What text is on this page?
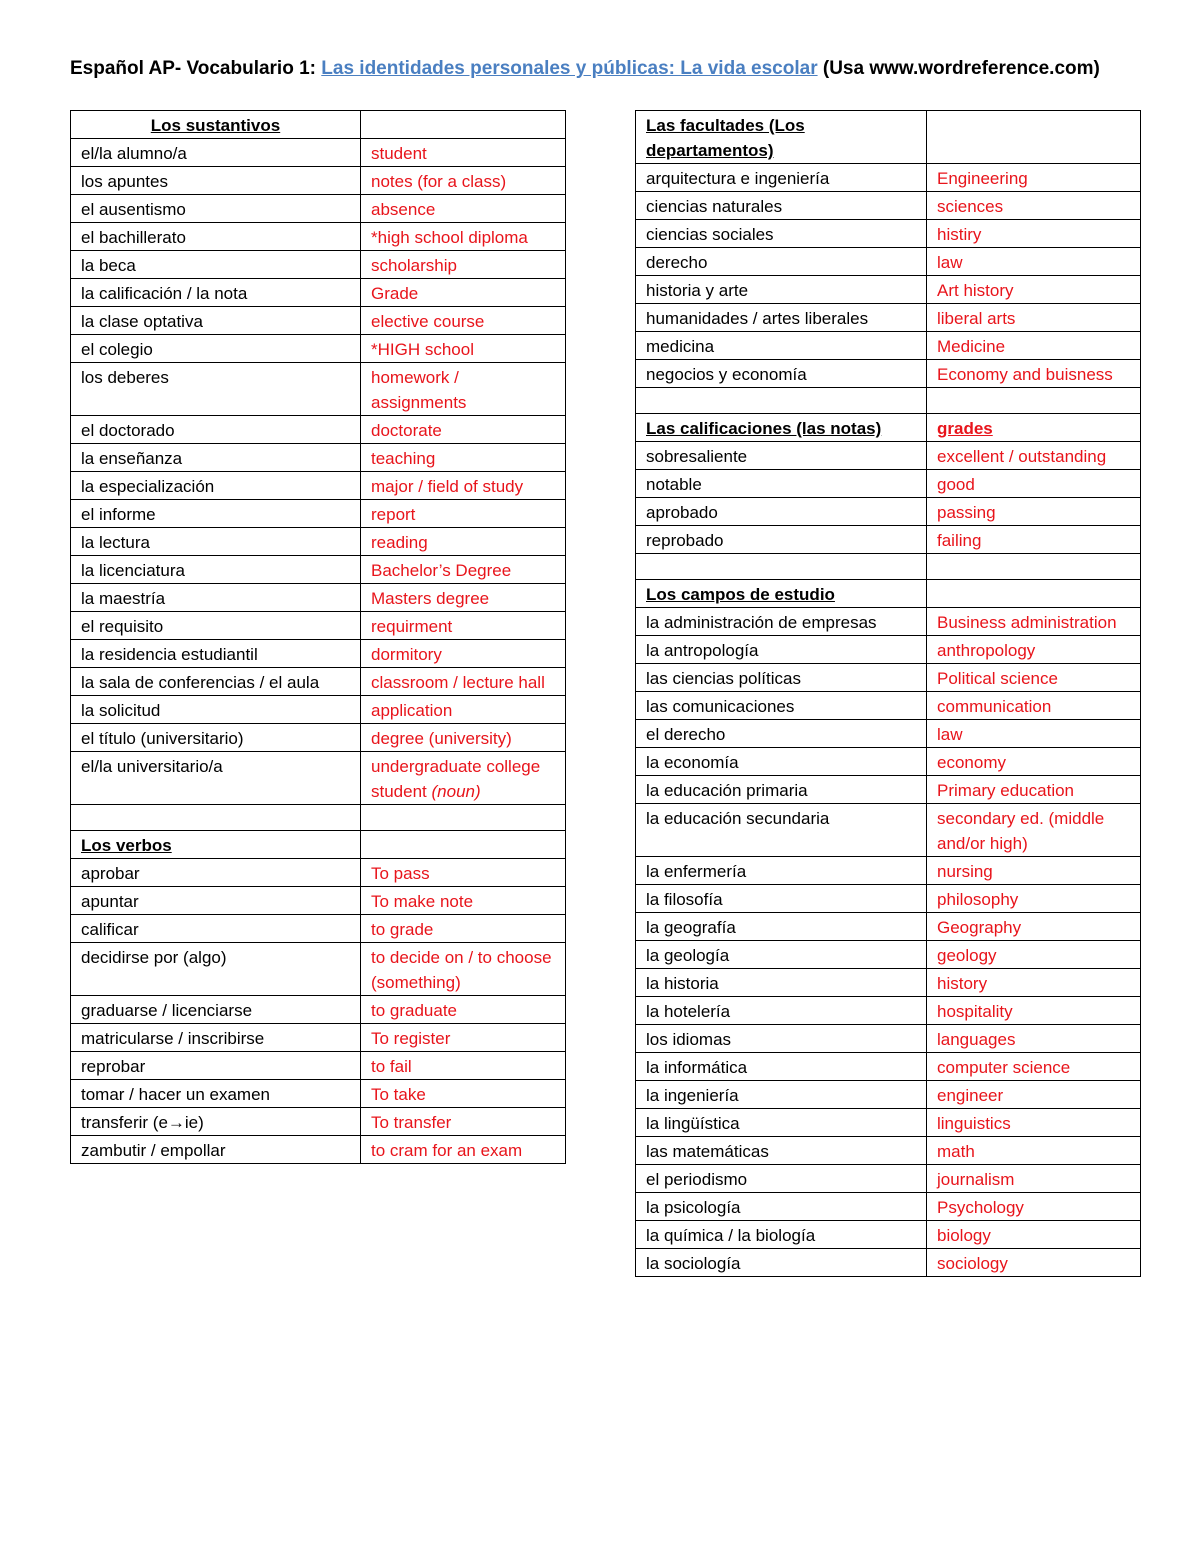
Español AP- Vocabulario 1: Las identidades personales y públicas: La vida escolar (Usa www.wordreference.com)
Los sustantivos	
el/la alumno/a	student
los apuntes	notes (for a class)
el ausentismo	absence
el bachillerato	*high school diploma
la beca	scholarship
la calificación / la nota	Grade
la clase optativa	elective course
el colegio	*HIGH school
los deberes	homework / assignments
el doctorado	doctorate
la enseñanza	teaching
la especialización	major / field of study
el informe	report
la lectura	reading
la licenciatura	Bachelor’s Degree
la maestría	Masters degree
el requisito	requirment
la residencia estudiantil	dormitory
la sala de conferencias / el aula	classroom / lecture hall
la solicitud	application
el título (universitario)	degree (university)
el/la universitario/a	undergraduate college student (noun)

Los verbos	
aprobar	To pass
apuntar	To make note
calificar	to grade
decidirse por (algo)	to decide on / to choose (something)
graduarse / licenciarse	to graduate
matricularse / inscribirse	To register
reprobar	to fail
tomar / hacer un examen	To take
transferir (e→ie)	To transfer
zambutir / empollar	to cram for an exam
Las facultades (Los departamentos)	
arquitectura e ingeniería	Engineering
ciencias naturales	sciences
ciencias sociales	histiry
derecho	law
historia y arte	Art history
humanidades / artes liberales	liberal arts
medicina	Medicine
negocios y economía	Economy and buisness

Las calificaciones (las notas)	grades
sobresaliente	excellent / outstanding
notable	good
aprobado	passing
reprobado	failing

Los campos de estudio	
la administración de empresas	Business administration
la antropología	anthropology
las ciencias políticas	Political science
las comunicaciones	communication
el derecho	law
la economía	economy
la educación primaria	Primary education
la educación secundaria	secondary ed. (middle and/or high)
la enfermería	nursing
la filosofía	philosophy
la geografía	Geography
la geología	geology
la historia	history
la hotelería	hospitality
los idiomas	languages
la informática	computer science
la ingeniería	engineer
la lingüística	linguistics
las matemáticas	math
el periodismo	journalism
la psicología	Psychology
la química / la biología	biology
la sociología	sociology
